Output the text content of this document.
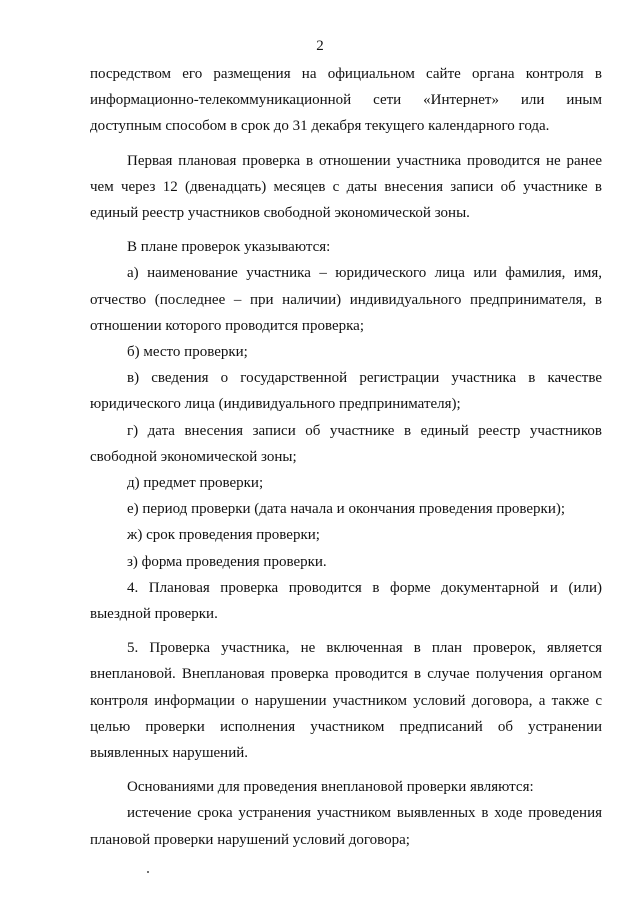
2

посредством его размещения на официальном сайте органа контроля в информационно-телекоммуникационной сети «Интернет» или иным доступным способом в срок до 31 декабря текущего календарного года.

Первая плановая проверка в отношении участника проводится не ранее чем через 12 (двенадцать) месяцев с даты внесения записи об участнике в единый реестр участников свободной экономической зоны.

В плане проверок указываются:

а) наименование участника – юридического лица или фамилия, имя, отчество (последнее – при наличии) индивидуального предпринимателя, в отношении которого проводится проверка;

б) место проверки;

в) сведения о государственной регистрации участника в качестве юридического лица (индивидуального предпринимателя);

г) дата внесения записи об участнике в единый реестр участников свободной экономической зоны;

д) предмет проверки;

е) период проверки (дата начала и окончания проведения проверки);

ж) срок проведения проверки;

з) форма проведения проверки.

4. Плановая проверка проводится в форме документарной и (или) выездной проверки.

5. Проверка участника, не включенная в план проверок, является внеплановой. Внеплановая проверка проводится в случае получения органом контроля информации о нарушении участником условий договора, а также с целью проверки исполнения участником предписаний об устранении выявленных нарушений.

Основаниями для проведения внеплановой проверки являются:

истечение срока устранения участником выявленных в ходе проведения плановой проверки нарушений условий договора;
